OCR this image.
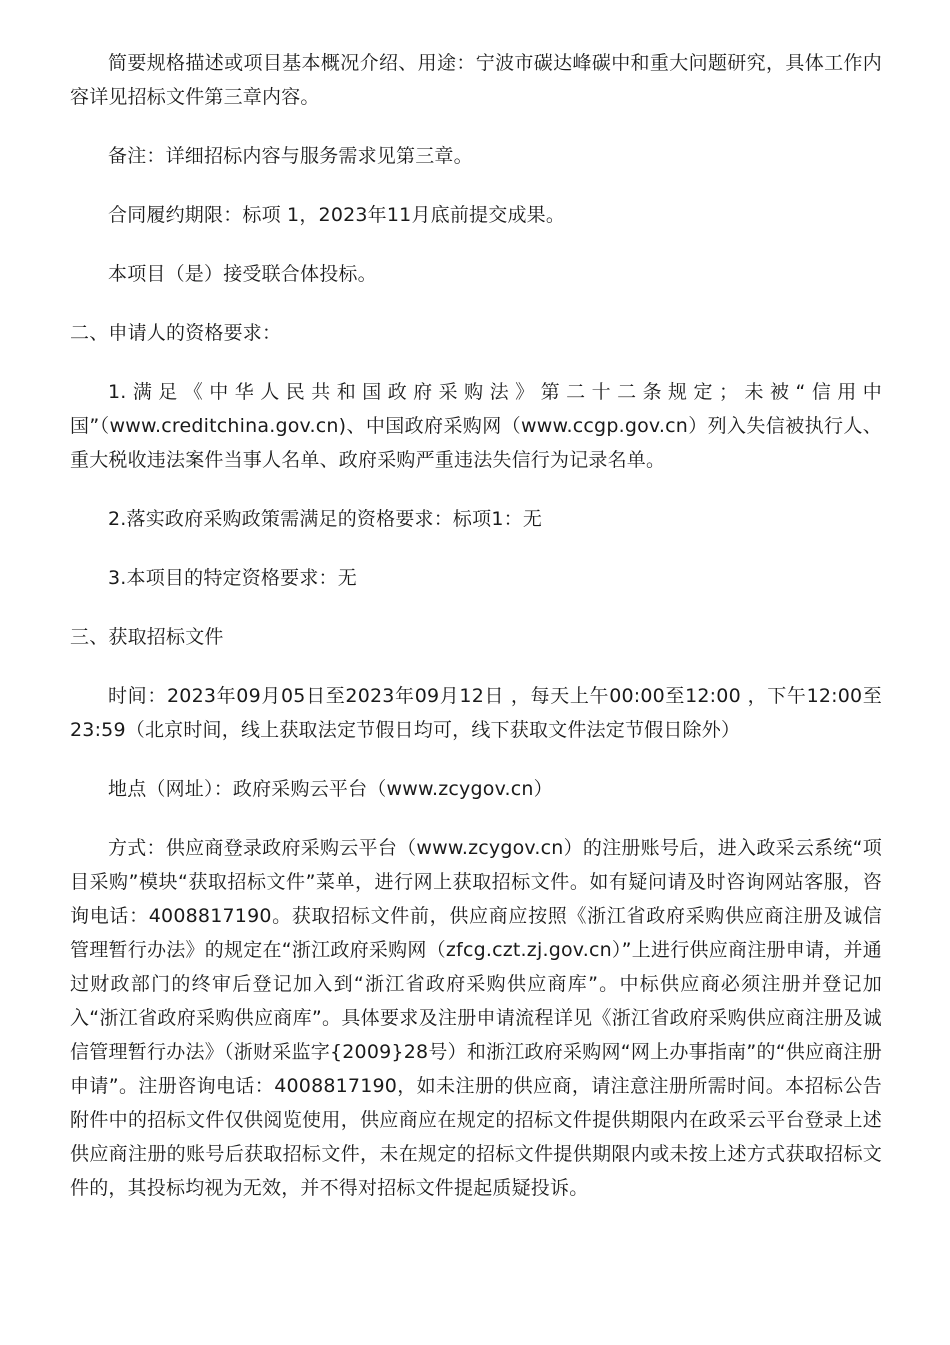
简要规格描述或项目基本概况介绍、用途：宁波市碳达峰碳中和重大问题研究，具体工作内容详见招标文件第三章内容。

备注：详细招标内容与服务需求见第三章。

合同履约期限：标项 1，2023年11月底前提交成果。

本项目（是）接受联合体投标。

二、申请人的资格要求：

1.满足《中华人民共和国政府采购法》第二十二条规定；未被“信用中国”（www.creditchina.gov.cn)、中国政府采购网（www.ccgp.gov.cn）列入失信被执行人、重大税收违法案件当事人名单、政府采购严重违法失信行为记录名单。

2.落实政府采购政策需满足的资格要求：标项1：无

3.本项目的特定资格要求：无

三、获取招标文件

时间：2023年09月05日至2023年09月12日 ，每天上午00:00至12:00 ，下午12:00至23:59（北京时间，线上获取法定节假日均可，线下获取文件法定节假日除外）

地点（网址）：政府采购云平台（www.zcygov.cn）

方式：供应商登录政府采购云平台（www.zcygov.cn）的注册账号后，进入政采云系统“项目采购”模块“获取招标文件”菜单，进行网上获取招标文件。如有疑问请及时咨询网站客服，咨询电话：4008817190。获取招标文件前，供应商应按照《浙江省政府采购供应商注册及诚信管理暂行办法》的规定在“浙江政府采购网（zfcg.czt.zj.gov.cn）”上进行供应商注册申请，并通过财政部门的终审后登记加入到“浙江省政府采购供应商库”。中标供应商必须注册并登记加入“浙江省政府采购供应商库”。具体要求及注册申请流程详见《浙江省政府采购供应商注册及诚信管理暂行办法》（浙财采监字{2009}28号）和浙江政府采购网“网上办事指南”的“供应商注册申请”。注册咨询电话：4008817190，如未注册的供应商，请注意注册所需时间。本招标公告附件中的招标文件仅供阅览使用，供应商应在规定的招标文件提供期限内在政采云平台登录上述供应商注册的账号后获取招标文件，未在规定的招标文件提供期限内或未按上述方式获取招标文件的，其投标均视为无效，并不得对招标文件提起质疑投诉。
